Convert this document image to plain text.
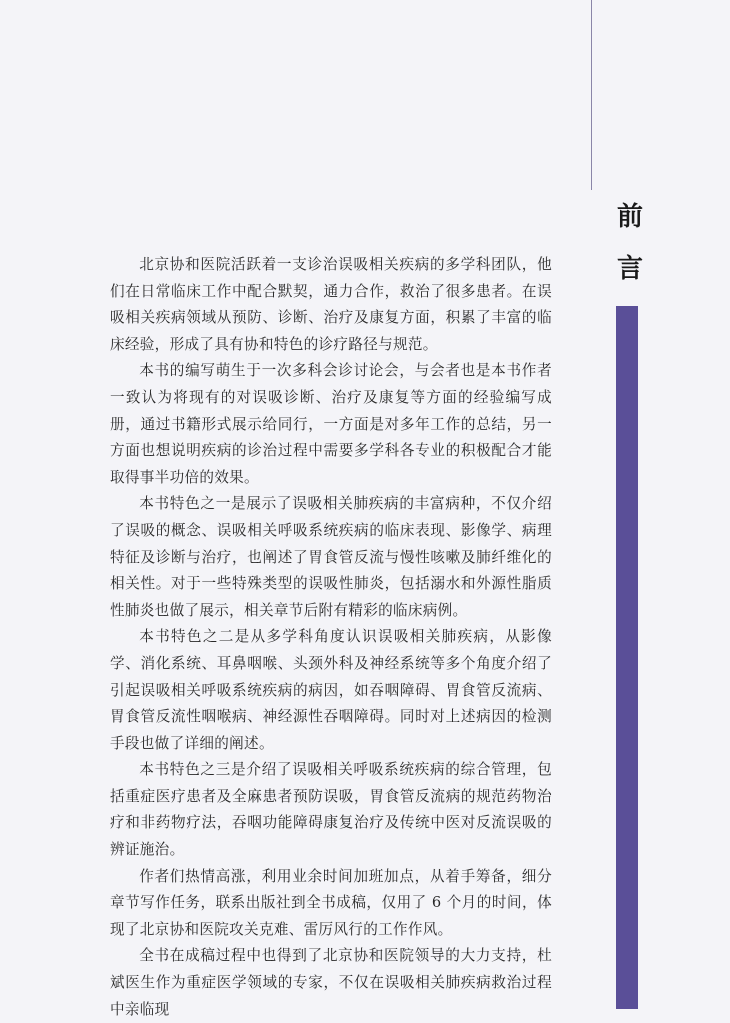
前
言

北京协和医院活跃着一支诊治误吸相关疾病的多学科团队，他们在日常临床工作中配合默契，通力合作，救治了很多患者。在误吸相关疾病领域从预防、诊断、治疗及康复方面，积累了丰富的临床经验，形成了具有协和特色的诊疗路径与规范。

本书的编写萌生于一次多科会诊讨论会，与会者也是本书作者一致认为将现有的对误吸诊断、治疗及康复等方面的经验编写成册，通过书籍形式展示给同行，一方面是对多年工作的总结，另一方面也想说明疾病的诊治过程中需要多学科各专业的积极配合才能取得事半功倍的效果。

本书特色之一是展示了误吸相关肺疾病的丰富病种，不仅介绍了误吸的概念、误吸相关呼吸系统疾病的临床表现、影像学、病理特征及诊断与治疗，也阐述了胃食管反流与慢性咳嗽及肺纤维化的相关性。对于一些特殊类型的误吸性肺炎，包括溺水和外源性脂质性肺炎也做了展示，相关章节后附有精彩的临床病例。

本书特色之二是从多学科角度认识误吸相关肺疾病，从影像学、消化系统、耳鼻咽喉、头颈外科及神经系统等多个角度介绍了引起误吸相关呼吸系统疾病的病因，如吞咽障碍、胃食管反流病、胃食管反流性咽喉病、神经源性吞咽障碍。同时对上述病因的检测手段也做了详细的阐述。

本书特色之三是介绍了误吸相关呼吸系统疾病的综合管理，包括重症医疗患者及全麻患者预防误吸，胃食管反流病的规范药物治疗和非药物疗法，吞咽功能障碍康复治疗及传统中医对反流误吸的辨证施治。

作者们热情高涨，利用业余时间加班加点，从着手筹备，细分章节写作任务，联系出版社到全书成稿，仅用了 6 个月的时间，体现了北京协和医院攻关克难、雷厉风行的工作作风。

全书在成稿过程中也得到了北京协和医院领导的大力支持，杜斌医生作为重症医学领域的专家，不仅在误吸相关肺疾病救治过程中亲临现
